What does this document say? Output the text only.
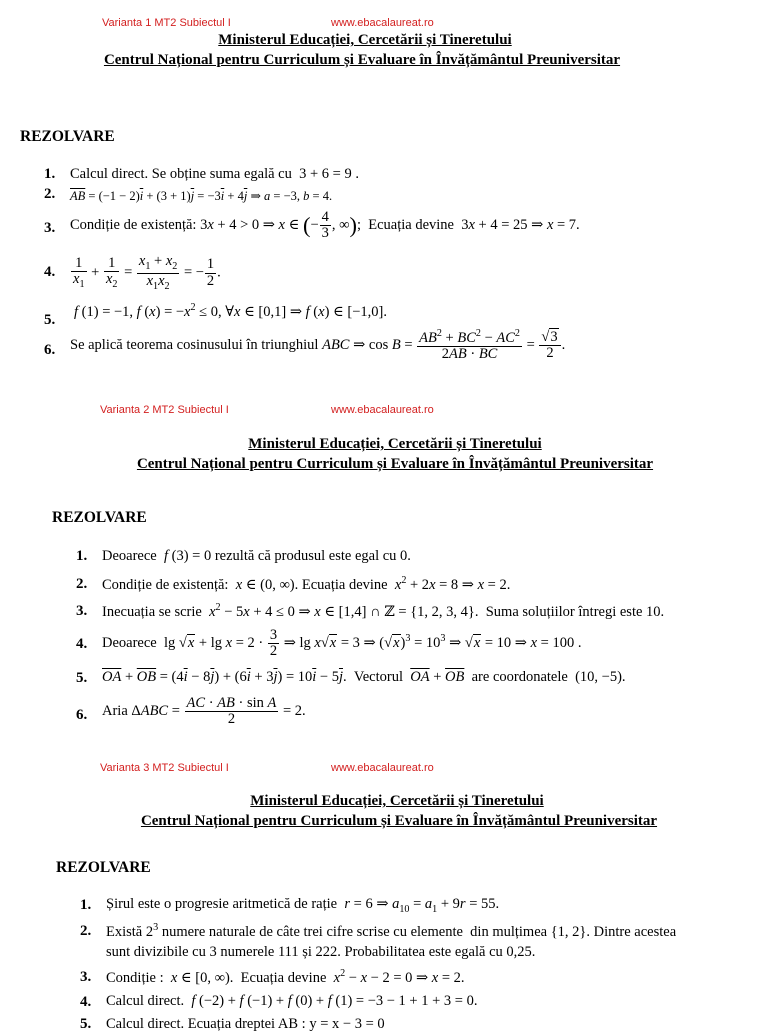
Varianta 1 MT2 Subiectul I	www.ebacalaureat.ro
Ministerul Educației, Cercetării și Tineretului
Centrul Național pentru Curriculum și Evaluare în Învățământul Preuniversitar
REZOLVARE
1. Calcul direct. Se obține suma egală cu  3 + 6 = 9 .
2. $\overline{AB} = (-1 - 2)\overline{i} + (3 + 1)\overline{j} = -3\overline{i} + 4\overline{j}$ ⇒ a = −3, b = 4.
3. Condiție de existență: 3x + 4 > 0 ⇒ x ∈ (− $\frac{4}{3}$ , ∞);  Ecuația devine  3x + 4 = 25 ⇒ x = 7.
4. $\frac{1}{x_1} + \frac{1}{x_2} = \frac{x_1 + x_2}{x_1x_2}$ = − $\frac{1}{2}$ .
5.
f (1) = −1, f $(x) = -x^2 \le 0$, ∀x ∈ [0,1] ⇒ f (x) ∈ [−1,0].
6. Se aplică teorema cosinusului în triunghiul ABC ⇒ $\cos B = \frac{AB^2 + BC^2 - AC^2}{2AB \cdot BC} = \frac{√3}{2}$ .
Varianta 2 MT2 Subiectul I	www.ebacalaureat.ro
Ministerul Educației, Cercetării și Tineretului
Centrul Național pentru Curriculum și Evaluare în Învățământul Preuniversitar
REZOLVARE
1. Deoarece  f (3) = 0 rezultă că produsul este egal cu 0.
2. Condiție de existență:  x ∈ (0, ∞). Ecuația devine  $x^2 + 2x = 8$ ⇒ x = 2.
3. Inecuația se scrie  $x^2 - 5x + 4 \le 0$ ⇒ x ∈ [1,4] ∩ ℤ = {1, 2, 3, 4}.  Suma soluțiilor întregi este 10.
4. Deoarece  $\lg √x + \lg x = 2 \cdot \frac{3}{2}$ ⇒ lg x√x = 3 ⇒ $(√x)^3 = 10^3$ ⇒ √x = 10 ⇒ x = 100 .
5. $\overline{OA} + \overline{OB} = (4\overline{i} - 8\overline{j}) + (6\overline{i} + 3\overline{j}) = 10\overline{i} - 5\overline{j}$.  Vectorul  $\overline{OA} + \overline{OB}$  are coordonatele  (10, −5).
6. Aria $\Delta ABC = \frac{\text{AC · AB · sin A}}{2} = 2$.
Varianta 3 MT2 Subiectul I	www.ebacalaureat.ro
Ministerul Educației, Cercetării și Tineretului
Centrul Național pentru Curriculum și Evaluare în Învățământul Preuniversitar
REZOLVARE
1. Șirul este o progresie aritmetică de rație  r = 6 ⇒ $a_{10} = a_1 + 9r = 55$.
2. Există $2^3$ numere naturale de câte trei cifre scrise cu elemente  din mulțimea {1, 2}. Dintre acestea
sunt divizibile cu 3 numerele 111 și 222. Probabilitatea este egală cu 0,25.
3. Condiție :  x ∈ [0, ∞).  Ecuația devine  $x^2 - x - 2 = 0$ ⇒ x = 2.
4. Calcul direct.  f (−2) + f (−1) + f (0) + f (1) = −3 − 1 + 1 + 3 = 0.
5. Calcul direct. Ecuația dreptei AB : y = x − 3 = 0
